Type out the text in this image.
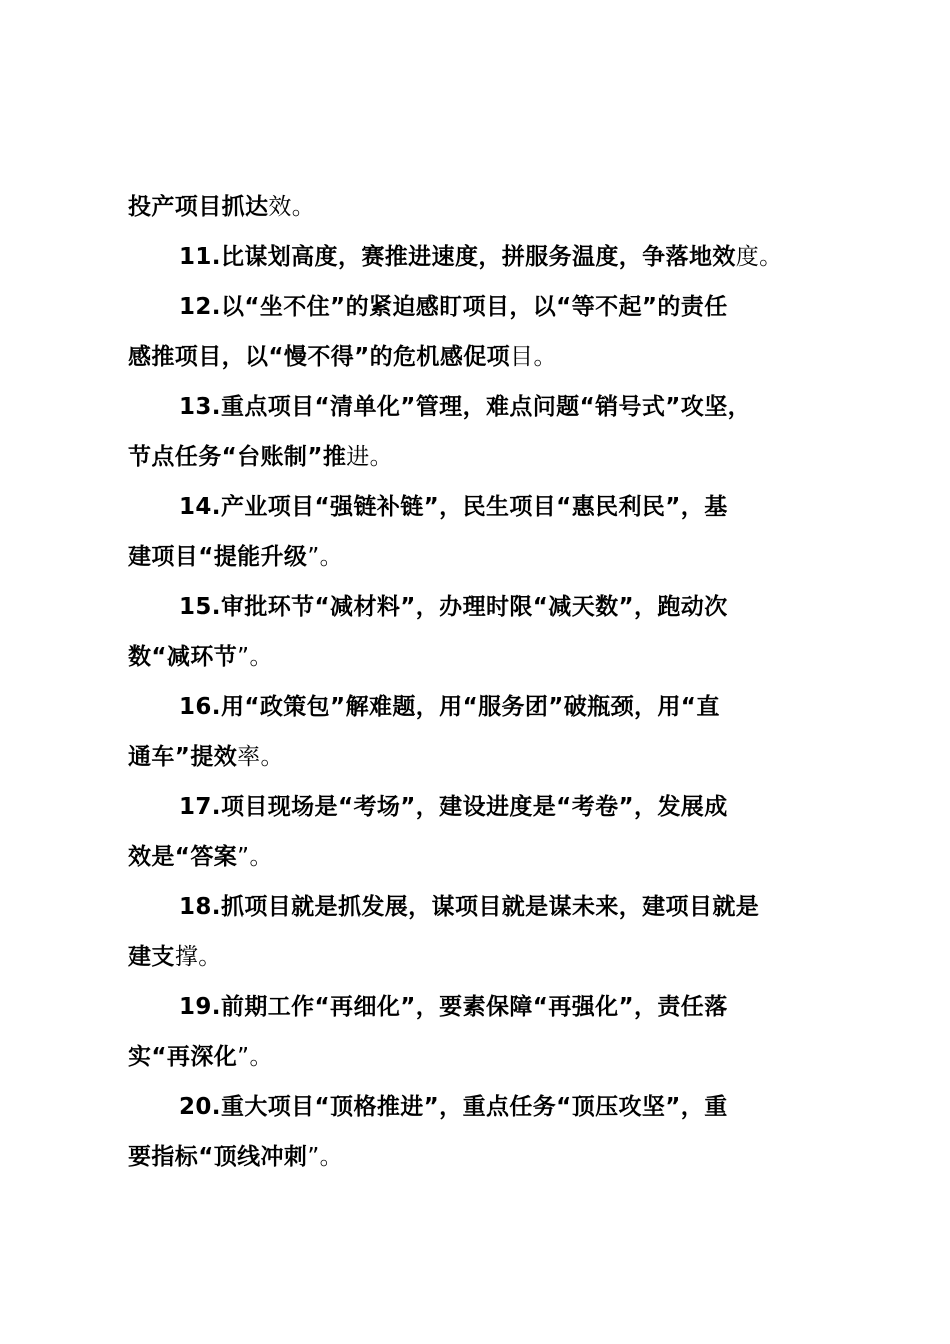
投产项目抓达效。
11.比谋划高度，赛推进速度，拼服务温度，争落地效度。
12.以“坐不住”的紧迫感盯项目，以“等不起”的责任
感推项目，以“慢不得”的危机感促项目。
13.重点项目“清单化”管理，难点问题“销号式”攻坚，
节点任务“台账制”推进。
14.产业项目“强链补链”，民生项目“惠民利民”，基
建项目“提能升级”。
15.审批环节“减材料”，办理时限“减天数”，跑动次
数“减环节”。
16.用“政策包”解难题，用“服务团”破瓶颈，用“直
通车”提效率。
17.项目现场是“考场”，建设进度是“考卷”，发展成
效是“答案”。
18.抓项目就是抓发展，谋项目就是谋未来，建项目就是
建支撑。
19.前期工作“再细化”，要素保障“再强化”，责任落
实“再深化”。
20.重大项目“顶格推进”，重点任务“顶压攻坚”，重
要指标“顶线冲刺”。
